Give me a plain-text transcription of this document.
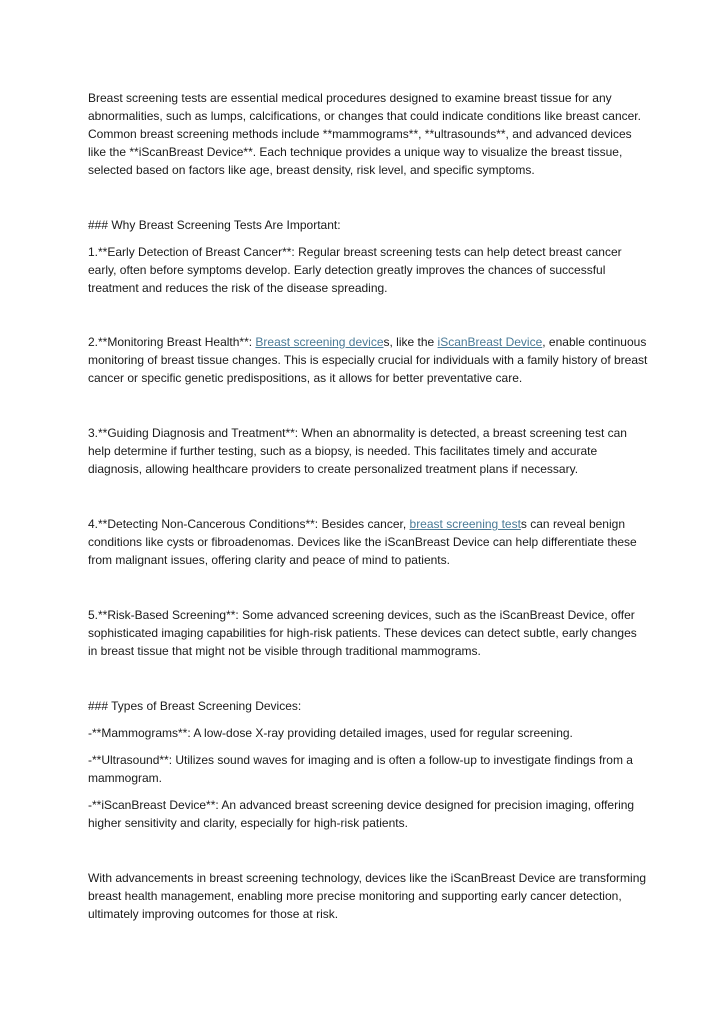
Breast screening tests are essential medical procedures designed to examine breast tissue for any abnormalities, such as lumps, calcifications, or changes that could indicate conditions like breast cancer. Common breast screening methods include **mammograms**, **ultrasounds**, and advanced devices like the **iScanBreast Device**. Each technique provides a unique way to visualize the breast tissue, selected based on factors like age, breast density, risk level, and specific symptoms.

### Why Breast Screening Tests Are Important:

1.**Early Detection of Breast Cancer**: Regular breast screening tests can help detect breast cancer early, often before symptoms develop. Early detection greatly improves the chances of successful treatment and reduces the risk of the disease spreading.

2.**Monitoring Breast Health**: Breast screening devices, like the iScanBreast Device, enable continuous monitoring of breast tissue changes. This is especially crucial for individuals with a family history of breast cancer or specific genetic predispositions, as it allows for better preventative care.

3.**Guiding Diagnosis and Treatment**: When an abnormality is detected, a breast screening test can help determine if further testing, such as a biopsy, is needed. This facilitates timely and accurate diagnosis, allowing healthcare providers to create personalized treatment plans if necessary.

4.**Detecting Non-Cancerous Conditions**: Besides cancer, breast screening tests can reveal benign conditions like cysts or fibroadenomas. Devices like the iScanBreast Device can help differentiate these from malignant issues, offering clarity and peace of mind to patients.

5.**Risk-Based Screening**: Some advanced screening devices, such as the iScanBreast Device, offer sophisticated imaging capabilities for high-risk patients. These devices can detect subtle, early changes in breast tissue that might not be visible through traditional mammograms.

### Types of Breast Screening Devices:

-**Mammograms**: A low-dose X-ray providing detailed images, used for regular screening.

-**Ultrasound**: Utilizes sound waves for imaging and is often a follow-up to investigate findings from a mammogram.

-**iScanBreast Device**: An advanced breast screening device designed for precision imaging, offering higher sensitivity and clarity, especially for high-risk patients.

With advancements in breast screening technology, devices like the iScanBreast Device are transforming breast health management, enabling more precise monitoring and supporting early cancer detection, ultimately improving outcomes for those at risk.
